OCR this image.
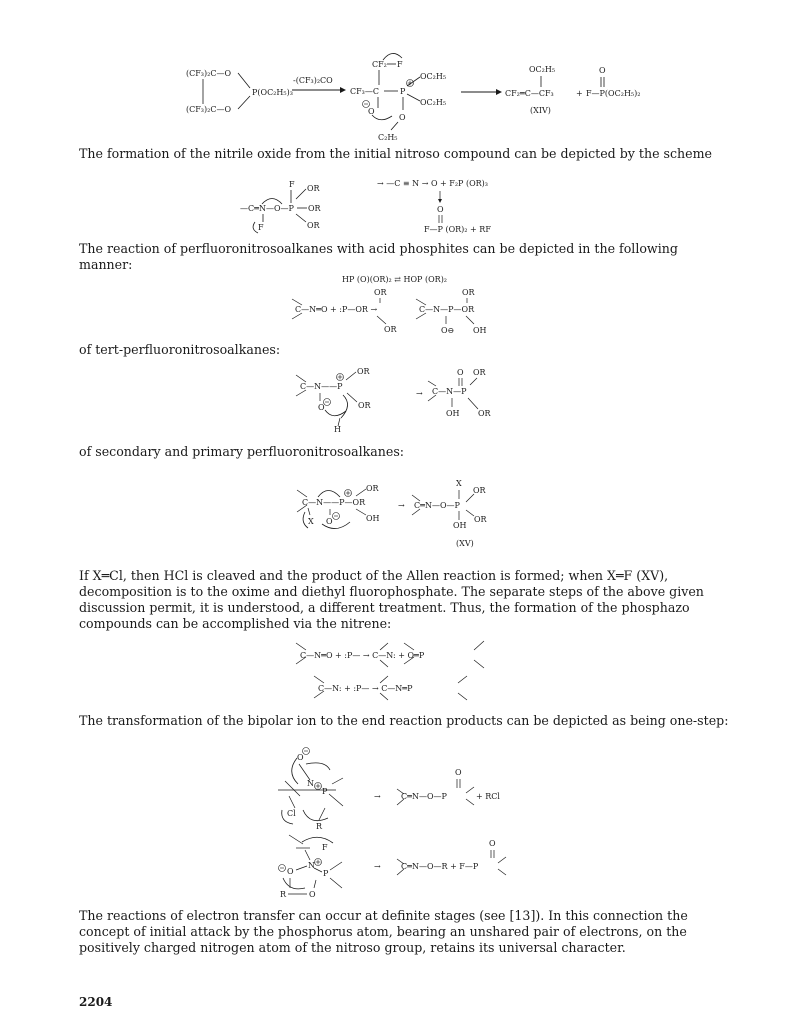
(CF₃)₂C—O
(CF₃)₂C—O
P(OC₂H₅)₃
-(CF₃)₂CO
CF₂ F
CF₃—C	P
OC₂H₅
OC₂H₅
O
O
C₂H₅
OC₂H₅
CF₂═C—CF₃
(XIV)
+
O
F—P(OC₂H₅)₂
F OR
—C═N—O—P OR
OR
F
→ —C ≡ N → O + F₂P (OR)₃
O
F—P (OR)₂ + RF
HP (O)(OR)₂ ⇄ HOP (OR)₂
OR	OR
C—N═O + :P—OR →	C—N—P—OR
OR	O⊖ OH
C—N——P
OR
OR
O
H
→ C—N—P
O OR
OH OR
C—N——P—OR
OR
OH
X O
→ C═N—O—P
X
OR
OH
OR
(XV)
C—N═O + :P— → C—N: + O═P
C—N: + :P— → C—N═P
O
N
Cl
P
R
→
O
C═N—O—P	+ RCl
F
N
P
O
R	O
→	C═N—O—R + F—P
O

The formation of the nitrile oxide from the initial nitroso compound can be depicted by the scheme

The reaction of perfluoronitrosoalkanes with acid phosphites can be depicted in the following manner:

of tert-perfluoronitrosoalkanes:

of secondary and primary perfluoronitrosoalkanes:

If X═Cl, then HCl is cleaved and the product of the Allen reaction is formed; when X═F (XV), decomposition is to the oxime and diethyl fluorophosphate. The separate steps of the above given discussion permit, it is understood, a different treatment. Thus, the formation of the phosphazo compounds can be accomplished via the nitrene:

The transformation of the bipolar ion to the end reaction products can be depicted as being one-step:

The reactions of electron transfer can occur at definite stages (see [13]). In this connection the concept of initial attack by the phosphorus atom, bearing an unshared pair of electrons, on the positively charged nitrogen atom of the nitroso group, retains its universal character.

2204
